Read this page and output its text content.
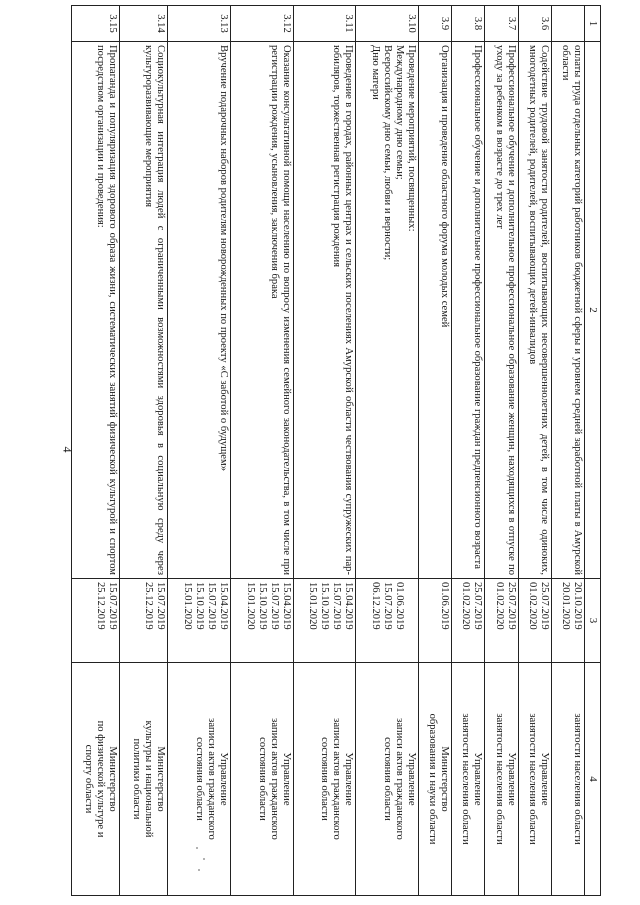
4
1	2	3	4

	оплаты труда отдельных категорий работников бюджетной сферы и уровнем средней заработной платы в Амурской области	20.10.2019
20.01.2020	занятости населения области

3.6	Содействие трудовой занятости родителей, воспитывающих несовершеннолетних детей, в том числе одиноких, многодетных родителей, родителей, воспитывающих детей-инвалидов	25.07.2019
01.02.2020	Управление
занятости населения области

3.7	Профессиональное обучение и дополнительное профессиональное образование женщин, находящихся в отпуске по уходу за ребенком в возрасте до трех лет	25.07.2019
01.02.2020	Управление
занятости населения области

3.8	Профессиональное обучение и дополнительное профессиональное образование граждан предпенсионного возраста	25.07.2019
01.02.2020	Управление
занятости населения области

3.9	Организация и проведение областного форума молодых семей	01.06.2019	Министерство
образования и науки области

3.10	Проведение мероприятий, посвященных:
Международному дню семьи;
Всероссийскому дню семьи, любви и верности;
Дню матери	
01.06.2019
15.07.2019
06.12.2019	Управление
записи актов гражданского
состояния области

3.11	Проведение в городах, районных центрах и сельских поселениях Амурской области чествования супружеских пар-юбиляров, торжественная регистрация рождения	15.04.2019
15.07.2019
15.10.2019
15.01.2020	Управление
записи актов гражданского
состояния области

3.12	Оказание консультативной помощи населению по вопросу изменения семейного законодательства, в том числе при регистрации рождения, усыновления, заключения брака	15.04.2019
15.07.2019
15.10.2019
15.01.2020	Управление
записи актов гражданского
состояния области

3.13	Вручение подарочных наборов родителям новорожденных по проекту «С заботой о будущем»	15.04.2019
15.07.2019
15.10.2019
15.01.2020	Управление
записи актов гражданского
состояния области

3.14	Социокультурная интеграция людей с ограниченными возможностями здоровья в социальную среду через культуроразвивающие мероприятия	15.07.2019
25.12.2019	Министерство
культуры и национальной
политики области

3.15	Пропаганда и популяризация здорового образа жизни, систематических занятий физической культурой и спортом посредством организации и проведения:	15.07.2019
25.12.2019	Министерство
по физической культуре и
спорту области
